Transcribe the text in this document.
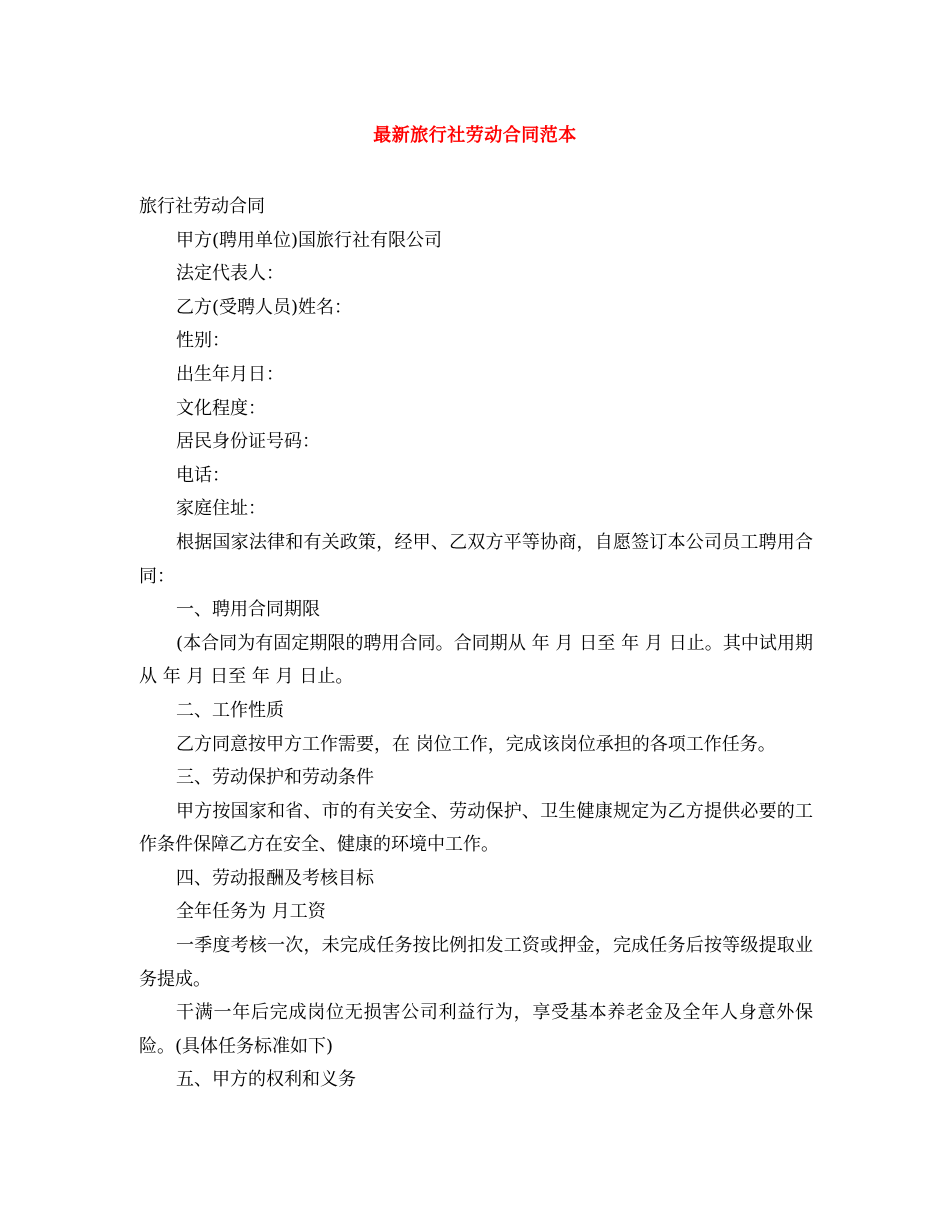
最新旅行社劳动合同范本

旅行社劳动合同

甲方(聘用单位)国旅行社有限公司

法定代表人：

乙方(受聘人员)姓名：

性别：

出生年月日：

文化程度：

居民身份证号码：

电话：

家庭住址：

根据国家法律和有关政策，经甲、乙双方平等协商，自愿签订本公司员工聘用合同：

一、聘用合同期限

(本合同为有固定期限的聘用合同。合同期从 年 月 日至 年 月 日止。其中试用期从 年 月 日至 年 月 日止。

二、工作性质

乙方同意按甲方工作需要，在 岗位工作，完成该岗位承担的各项工作任务。

三、劳动保护和劳动条件

甲方按国家和省、市的有关安全、劳动保护、卫生健康规定为乙方提供必要的工作条件保障乙方在安全、健康的环境中工作。

四、劳动报酬及考核目标

全年任务为 月工资

一季度考核一次，未完成任务按比例扣发工资或押金，完成任务后按等级提取业务提成。

干满一年后完成岗位无损害公司利益行为，享受基本养老金及全年人身意外保险。(具体任务标准如下)

五、甲方的权利和义务
